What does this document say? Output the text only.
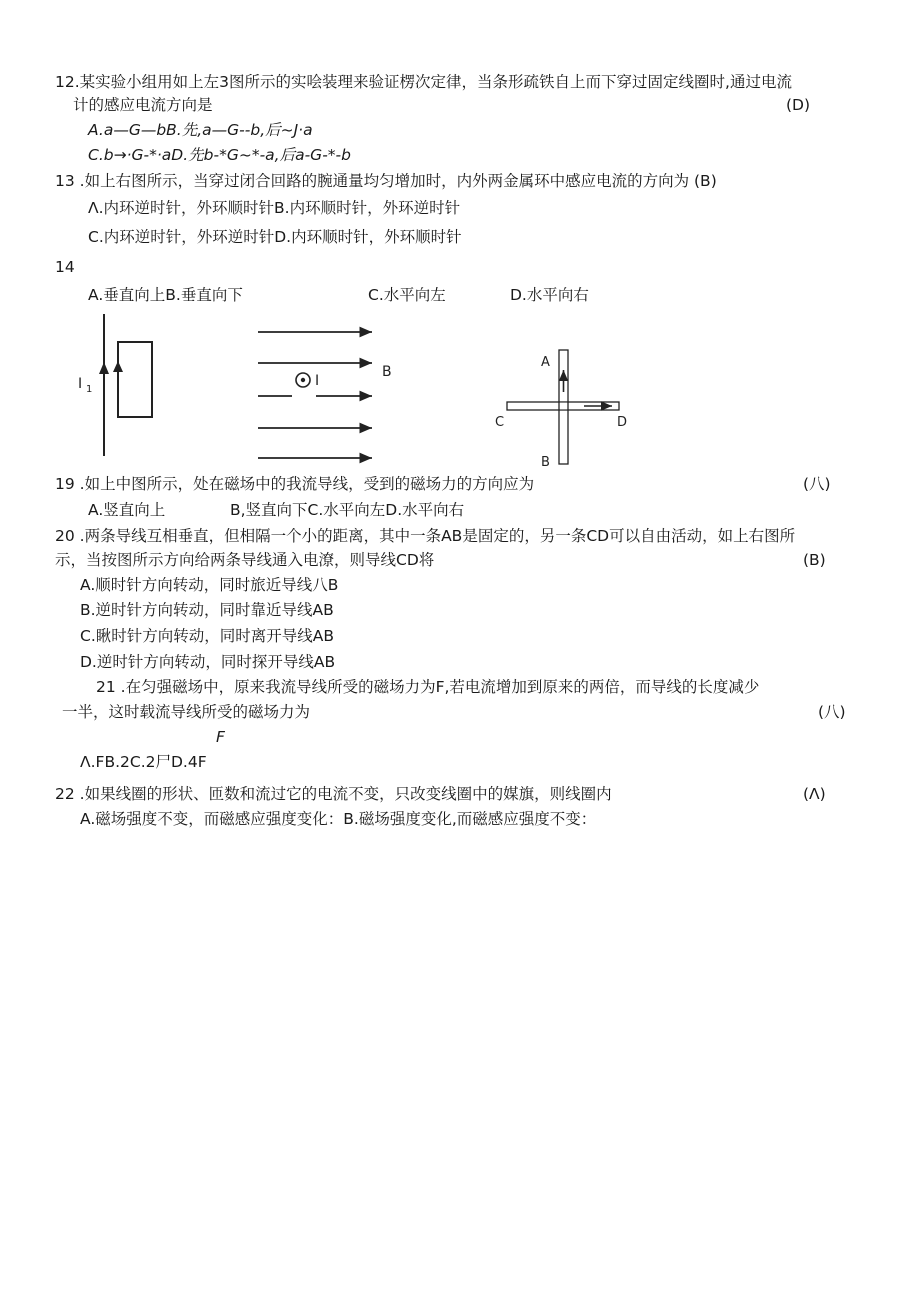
12.某实验小组用如上左3图所示的实哙装理来验证楞次定律，当条形疏铁自上而下穿过固定线圈时,通过电流
计的感应电流方向是	(D)
A.a—G—bB.先,a—G--b,后~J·a
C.b→·G-*·aD.先b-*G~*-a,后a-G-*-b
13 .如上右图所示，当穿过闭合回路的腕通量均匀增加时，内外两金属环中感应电流的方向为 (B)
Λ.内环逆时针，外环顺时针B.内环顺时针，外环逆时针
C.内环逆时针，外环逆时针D.内环顺时针，外环顺时针
14
A.垂直向上B.垂直向下	C.水平向左	D.水平向右
I 1
I
B
A
B
C	D
19 .如上中图所示，处在磁场中的我流导线，受到的磁场力的方向应为	(八)
A.竖直向上	B,竖直向下C.水平向左D.水平向右
20 .两条导线互相垂直，但相隔一个小的距离，其中一条AB是固定的，另一条CD可以自由活动，如上右图所
示，当按图所示方向给两条导线通入电潦，则导线CD将	(B)
A.顺时针方向转动，同时旅近导线八B
B.逆时针方向转动，同时靠近导线AB
C.瞅时针方向转动，同时离开导线AB
D.逆时针方向转动，同时探开导线AB
21 .在匀强磁场中，原来我流导线所受的磁场力为F,若电流增加到原来的两倍，而导线的长度减少
一半，这时载流导线所受的磁场力为	(八)
F
Λ.FB.2C.2尸D.4F
22 .如果线圈的形状、匝数和流过它的电流不变，只改变线圈中的媒旗，则线圈内	(Λ)
A.磁场强度不变，而磁感应强度变化：B.磁场强度变化,而磁感应强度不变：
